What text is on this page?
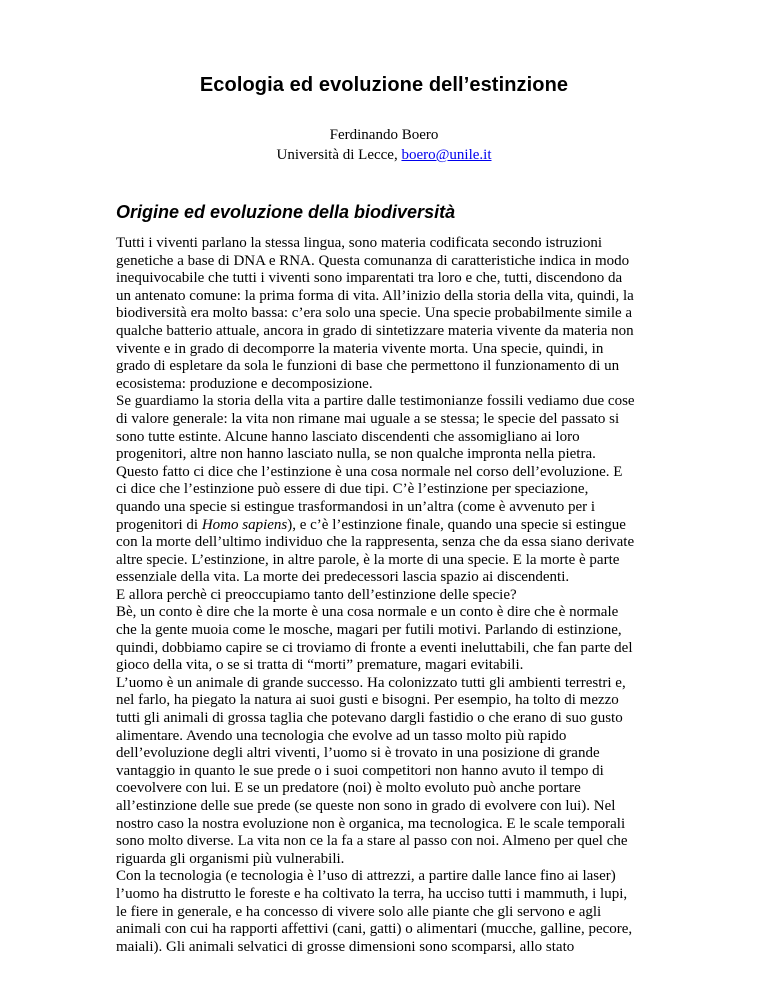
Ecologia ed evoluzione dell’estinzione
Ferdinando Boero
Università di Lecce, boero@unile.it
Origine ed evoluzione della biodiversità
Tutti i viventi parlano la stessa lingua, sono materia codificata secondo istruzioni
genetiche a base di DNA e RNA. Questa comunanza di caratteristiche indica in modo
inequivocabile che tutti i viventi sono imparentati tra loro e che, tutti, discendono da
un antenato comune: la prima forma di vita. All’inizio della storia della vita, quindi, la
biodiversità era molto bassa: c’era solo una specie. Una specie probabilmente simile a
qualche batterio attuale, ancora in grado di sintetizzare materia vivente da materia non
vivente e in grado di decomporre la materia vivente morta. Una specie, quindi, in
grado di espletare da sola le funzioni di base che permettono il funzionamento di un
ecosistema: produzione e decomposizione.
Se guardiamo la storia della vita a partire dalle testimonianze fossili vediamo due cose
di valore generale: la vita non rimane mai uguale a se stessa; le specie del passato si
sono tutte estinte. Alcune hanno lasciato discendenti che assomigliano ai loro
progenitori, altre non hanno lasciato nulla, se non qualche impronta nella pietra.
Questo fatto ci dice che l’estinzione è una cosa normale nel corso dell’evoluzione. E
ci dice che l’estinzione può essere di due tipi. C’è l’estinzione per speciazione,
quando una specie si estingue trasformandosi in un’altra (come è avvenuto per i
progenitori di Homo sapiens), e c’è l’estinzione finale, quando una specie si estingue
con la morte dell’ultimo individuo che la rappresenta, senza che da essa siano derivate
altre specie. L’estinzione, in altre parole, è la morte di una specie. E la morte è parte
essenziale della vita. La morte dei predecessori lascia spazio ai discendenti.
E allora perchè ci preoccupiamo tanto dell’estinzione delle specie?
Bè, un conto è dire che la morte è una cosa normale e un conto è dire che è normale
che la gente muoia come le mosche, magari per futili motivi. Parlando di estinzione,
quindi, dobbiamo capire se ci troviamo di fronte a eventi ineluttabili, che fan parte del
gioco della vita, o se si tratta di “morti” premature, magari evitabili.
L’uomo è un animale di grande successo. Ha colonizzato tutti gli ambienti terrestri e,
nel farlo, ha piegato la natura ai suoi gusti e bisogni. Per esempio, ha tolto di mezzo
tutti gli animali di grossa taglia che potevano dargli fastidio o che erano di suo gusto
alimentare. Avendo una tecnologia che evolve ad un tasso molto più rapido
dell’evoluzione degli altri viventi, l’uomo si è trovato in una posizione di grande
vantaggio in quanto le sue prede o i suoi competitori non hanno avuto il tempo di
coevolvere con lui. E se un predatore (noi) è molto evoluto può anche portare
all’estinzione delle sue prede (se queste non sono in grado di evolvere con lui). Nel
nostro caso la nostra evoluzione non è organica, ma tecnologica. E le scale temporali
sono molto diverse. La vita non ce la fa a stare al passo con noi. Almeno per quel che
riguarda gli organismi più vulnerabili.
Con la tecnologia (e tecnologia è l’uso di attrezzi, a partire dalle lance fino ai laser)
l’uomo ha distrutto le foreste e ha coltivato la terra, ha ucciso tutti i mammuth, i lupi,
le fiere in generale, e ha concesso di vivere solo alle piante che gli servono e agli
animali con cui ha rapporti affettivi (cani, gatti) o alimentari (mucche, galline, pecore,
maiali). Gli animali selvatici di grosse dimensioni sono scomparsi, allo stato
